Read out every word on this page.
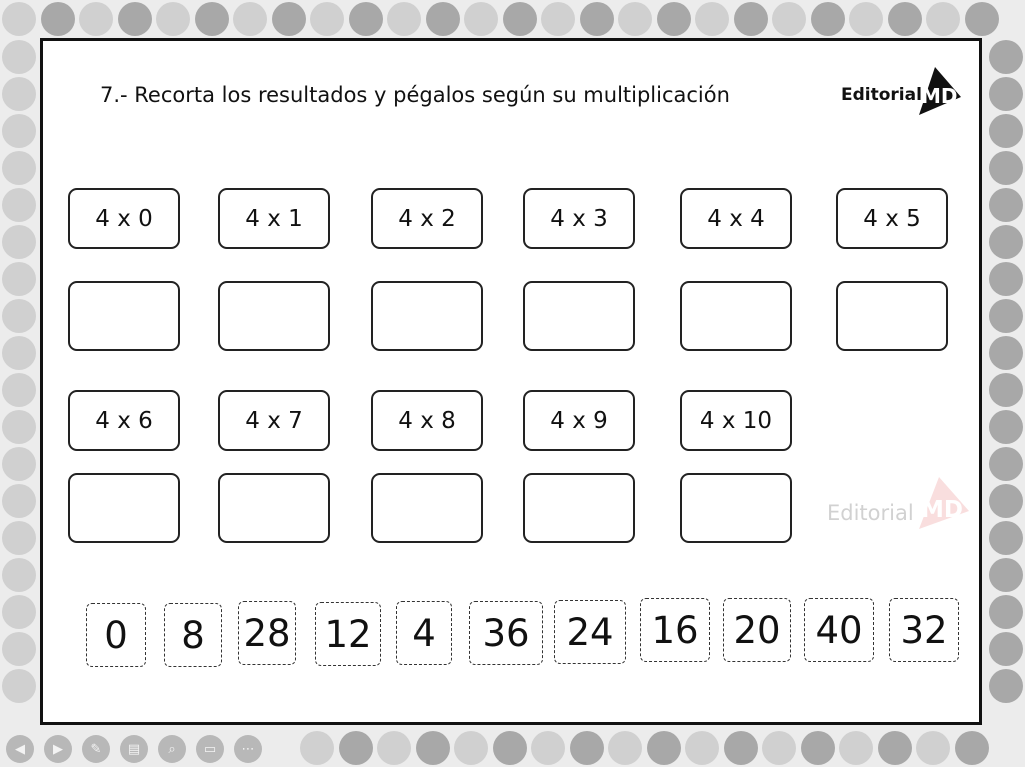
7.- Recorta los resultados y pégalos según su multiplicación	Editorial MD
Editorial MD
4 x 0	4 x 1	4 x 2	4 x 3	4 x 4	4 x 5
4 x 6	4 x 7	4 x 8	4 x 9	4 x 10
0	8	28 12	4	36 24	16 20 40	32
◀	▶	✎	▤	⌕	▭	⋯
